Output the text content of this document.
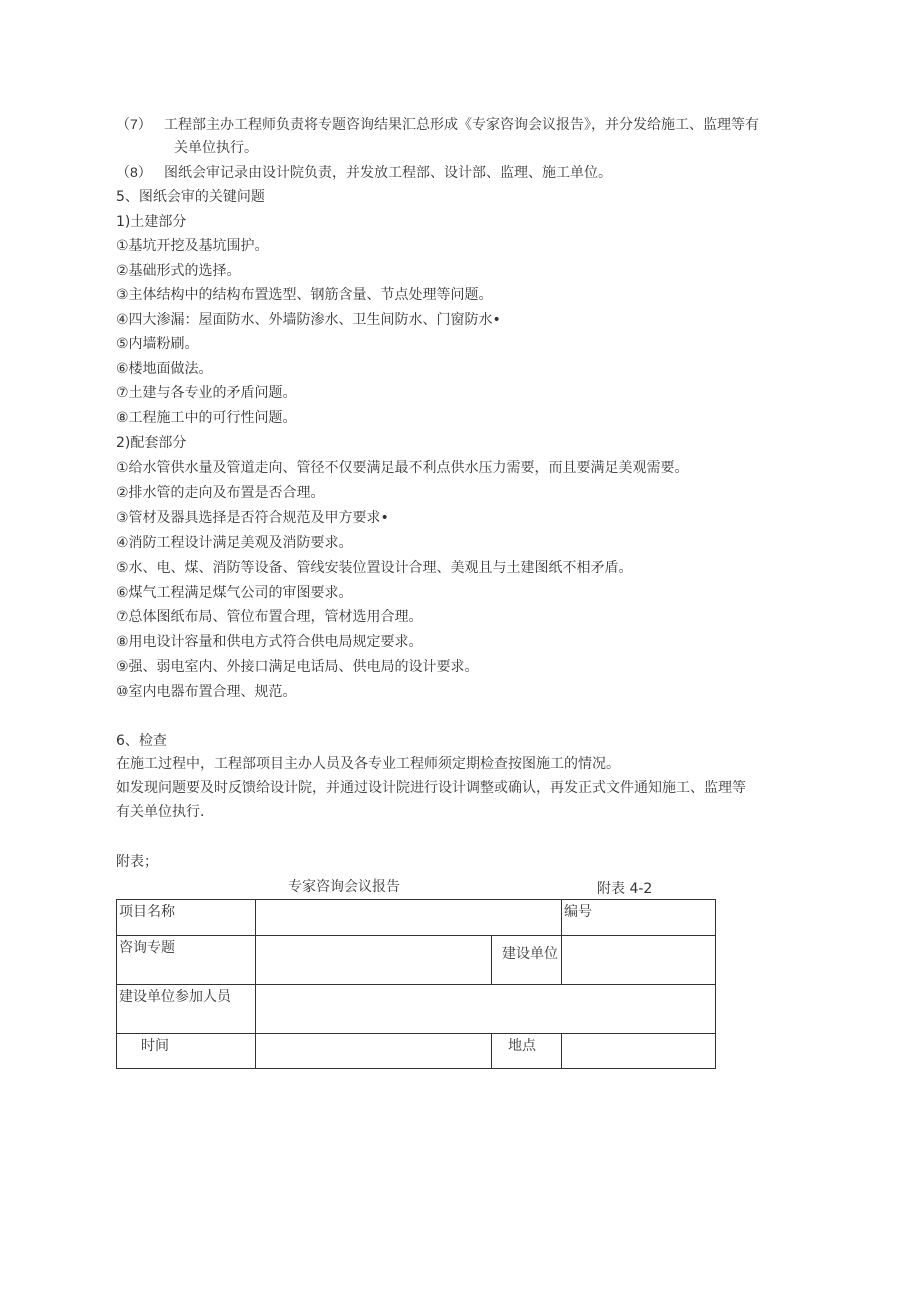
（7） 工程部主办工程师负责将专题咨询结果汇总形成《专家咨询会议报告》，并分发给施工、监理等有
关单位执行。
（8） 图纸会审记录由设计院负责，并发放工程部、设计部、监理、施工单位。
5、图纸会审的关键问题
1)土建部分
①基坑开挖及基坑围护。
②基础形式的选择。
③主体结构中的结构布置选型、钢筋含量、节点处理等问题。
④四大渗漏：屋面防水、外墙防渗水、卫生间防水、门窗防水•
⑤内墙粉刷。
⑥楼地面做法。
⑦土建与各专业的矛盾问题。
⑧工程施工中的可行性问题。
2)配套部分
①给水管供水量及管道走向、管径不仅要满足最不利点供水压力需要，而且要满足美观需要。
②排水管的走向及布置是否合理。
③管材及器具选择是否符合规范及甲方要求•
④消防工程设计满足美观及消防要求。
⑤水、电、煤、消防等设备、管线安装位置设计合理、美观且与土建图纸不相矛盾。
⑥煤气工程满足煤气公司的审图要求。
⑦总体图纸布局、管位布置合理，管材选用合理。
⑧用电设计容量和供电方式符合供电局规定要求。
⑨强、弱电室内、外接口满足电话局、供电局的设计要求。
⑩室内电器布置合理、规范。
6、检查
在施工过程中，工程部项目主办人员及各专业工程师须定期检查按图施工的情况。
如发现问题要及时反馈给设计院，并通过设计院进行设计调整或确认，再发正式文件通知施工、监理等
有关单位执行.
附表；
专家咨询会议报告	附表 4-2
项目名称			编号
咨询专题		建设单位	
建设单位参加人员			
时间		地点	
